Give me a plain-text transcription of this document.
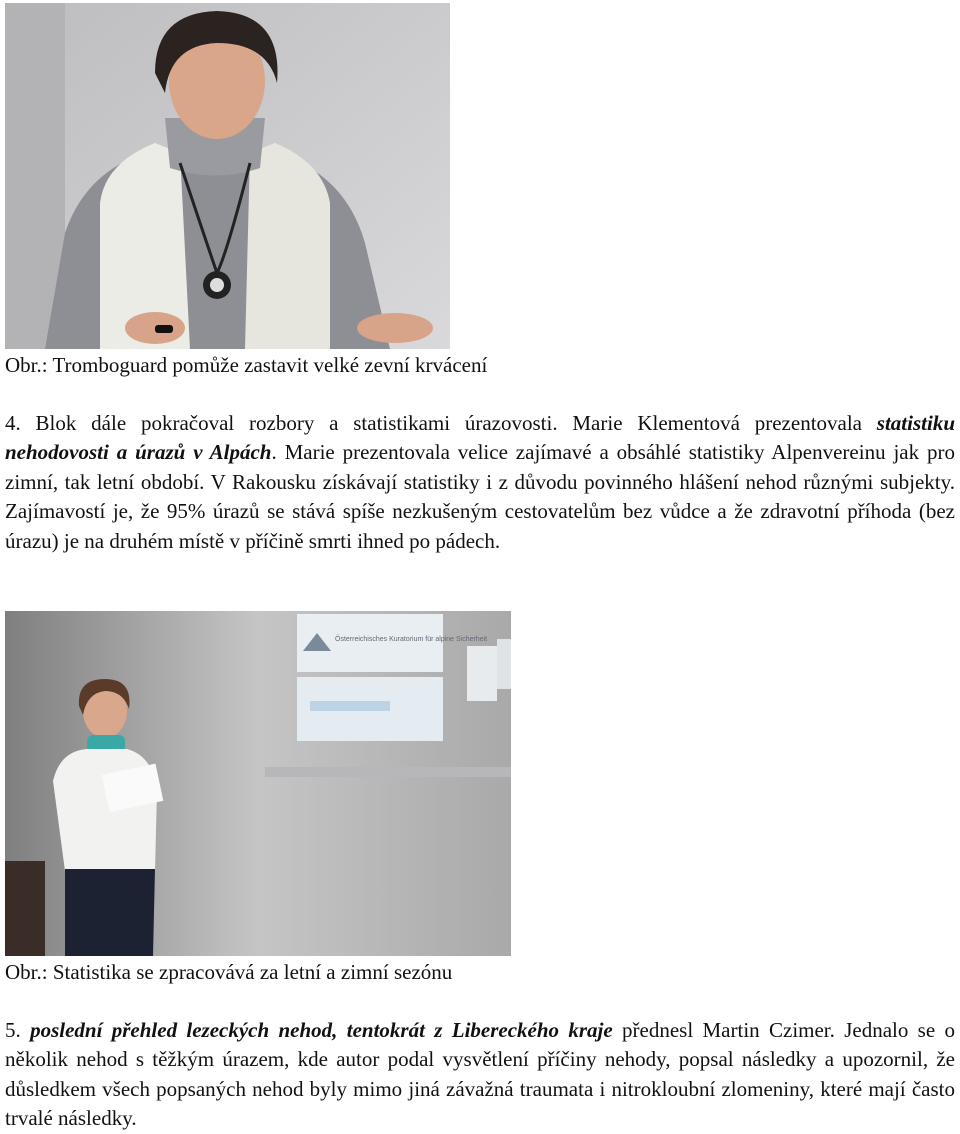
Obr.: Tromboguard pomůže zastavit velké zevní krvácení

4. Blok dále pokračoval rozbory a statistikami úrazovosti. Marie Klementová prezentovala statistiku nehodovosti a úrazů v Alpách. Marie prezentovala velice zajímavé a obsáhlé statistiky Alpenvereinu jak pro zimní, tak letní období. V Rakousku získávají statistiky i z důvodu povinného hlášení nehod různými subjekty. Zajímavostí je, že 95% úrazů se stává spíše nezkušeným cestovatelům bez vůdce a že zdravotní příhoda (bez úrazu) je na druhém místě v příčině smrti ihned po pádech.

Österreichisches Kuratorium für alpine Sicherheit
Obr.: Statistika se zpracovává za letní a zimní sezónu

5. poslední přehled lezeckých nehod, tentokrát z Libereckého kraje přednesl Martin Czimer. Jednalo se o několik nehod s těžkým úrazem, kde autor podal vysvětlení příčiny nehody, popsal následky a upozornil, že důsledkem všech popsaných nehod byly mimo jiná závažná traumata i nitrokloubní zlomeniny, které mají často trvalé následky.
